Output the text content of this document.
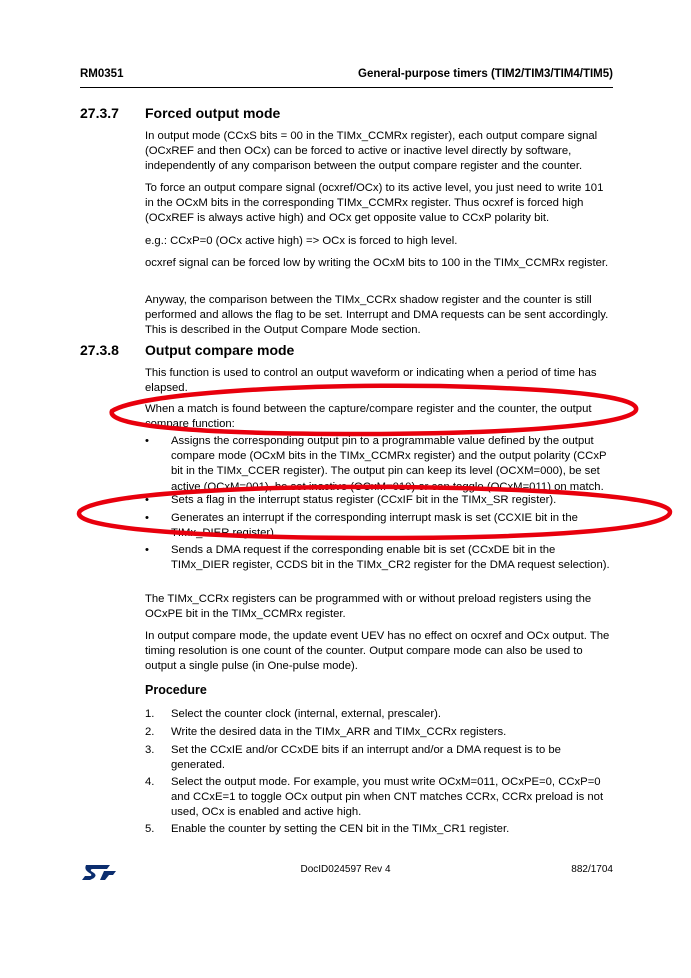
RM0351	General-purpose timers (TIM2/TIM3/TIM4/TIM5)
27.3.7 Forced output mode

In output mode (CCxS bits = 00 in the TIMx_CCMRx register), each output compare signal (OCxREF and then OCx) can be forced to active or inactive level directly by software, independently of any comparison between the output compare register and the counter.

To force an output compare signal (ocxref/OCx) to its active level, you just need to write 101 in the OCxM bits in the corresponding TIMx_CCMRx register. Thus ocxref is forced high (OCxREF is always active high) and OCx get opposite value to CCxP polarity bit.

e.g.: CCxP=0 (OCx active high) => OCx is forced to high level.

ocxref signal can be forced low by writing the OCxM bits to 100 in the TIMx_CCMRx register.

Anyway, the comparison between the TIMx_CCRx shadow register and the counter is still performed and allows the flag to be set. Interrupt and DMA requests can be sent accordingly. This is described in the Output Compare Mode section.

27.3.8 Output compare mode

This function is used to control an output waveform or indicating when a period of time has elapsed.

When a match is found between the capture/compare register and the counter, the output compare function:

• Assigns the corresponding output pin to a programmable value defined by the output compare mode (OCxM bits in the TIMx_CCMRx register) and the output polarity (CCxP bit in the TIMx_CCER register). The output pin can keep its level (OCXM=000), be set active (OCxM=001), be set inactive (OCxM=010) or can toggle (OCxM=011) on match.
• Sets a flag in the interrupt status register (CCxIF bit in the TIMx_SR register).
• Generates an interrupt if the corresponding interrupt mask is set (CCXIE bit in the TIMx_DIER register).
• Sends a DMA request if the corresponding enable bit is set (CCxDE bit in the TIMx_DIER register, CCDS bit in the TIMx_CR2 register for the DMA request selection).

The TIMx_CCRx registers can be programmed with or without preload registers using the OCxPE bit in the TIMx_CCMRx register.

In output compare mode, the update event UEV has no effect on ocxref and OCx output. The timing resolution is one count of the counter. Output compare mode can also be used to output a single pulse (in One-pulse mode).

Procedure
1. Select the counter clock (internal, external, prescaler).
2. Write the desired data in the TIMx_ARR and TIMx_CCRx registers.
3. Set the CCxIE and/or CCxDE bits if an interrupt and/or a DMA request is to be generated.
4. Select the output mode. For example, you must write OCxM=011, OCxPE=0, CCxP=0 and CCxE=1 to toggle OCx output pin when CNT matches CCRx, CCRx preload is not used, OCx is enabled and active high.
5. Enable the counter by setting the CEN bit in the TIMx_CR1 register.
DocID024597 Rev 4	882/1704
